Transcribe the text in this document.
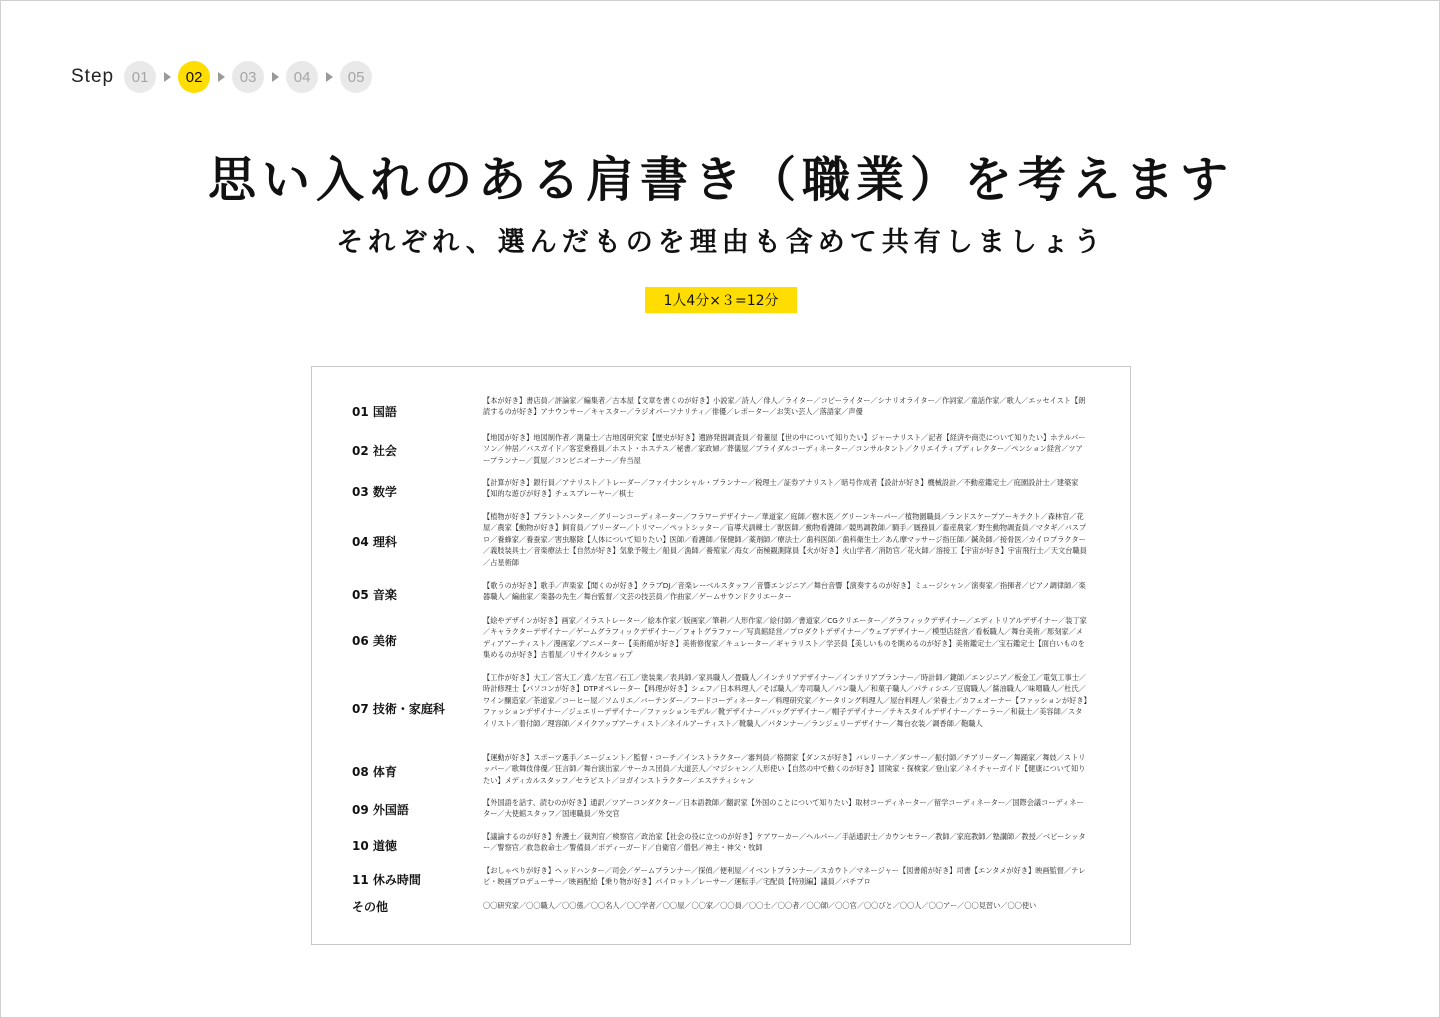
Step	01	02	03	04	05
思い入れのある肩書き（職業）を考えます
それぞれ、選んだものを理由も含めて共有しましょう
1人4分×３=12分
01 国語
【本が好き】書店員／評論家／編集者／古本屋【文章を書くのが好き】小説家／詩人／俳人／ライター／コピーライター／シナリオライター／作詞家／童話作家／歌人／エッセイスト【朗読するのが好き】アナウンサー／キャスター／ラジオパーソナリティ／俳優／レポーター／お笑い芸人／落語家／声優
02 社会
【地図が好き】地図制作者／測量士／古地図研究家【歴史が好き】遺跡発掘調査員／骨董屋【世の中について知りたい】ジャーナリスト／記者【経済や商売について知りたい】ホテルパーソン／仲居／バスガイド／客室乗務員／ホスト・ホステス／秘書／家政婦／葬儀屋／ブライダルコーディネーター／コンサルタント／クリエイティブディレクター／ペンション経営／ツアープランナー／質屋／コンビニオーナー／弁当屋
03 数学
【計算が好き】銀行員／アナリスト／トレーダー／ファイナンシャル・プランナー／税理士／証券アナリスト／暗号作成者【設計が好き】機械設計／不動産鑑定士／庭園設計士／建築家【知的な遊びが好き】チェスプレーヤー／棋士
04 理科
【植物が好き】プラントハンター／グリーンコーディネーター／フラワーデザイナー／華道家／庭師／樹木医／グリーンキーパー／植物園職員／ランドスケープアーキテクト／森林官／花屋／農家【動物が好き】飼育員／ブリーダー／トリマー／ペットシッター／盲導犬訓練士／獣医師／動物看護師／競馬調教師／騎手／厩務員／畜産農家／野生動物調査員／マタギ／バスプロ／養蜂家／養蚕家／害虫駆除【人体について知りたい】医師／看護師／保健師／薬剤師／療法士／歯科医師／歯科衛生士／あん摩マッサージ指圧師／鍼灸師／接骨医／カイロプラクター／義肢装具士／音楽療法士【自然が好き】気象予報士／船員／漁師／養殖家／海女／南極観測隊員【火が好き】火山学者／消防官／花火師／溶接工【宇宙が好き】宇宙飛行士／天文台職員／占星術師
05 音楽
【歌うのが好き】歌手／声楽家【聞くのが好き】クラブDJ／音楽レーベルスタッフ／音響エンジニア／舞台音響【演奏するのが好き】ミュージシャン／演奏家／指揮者／ピアノ調律師／楽器職人／編曲家／楽器の先生／舞台監督／文芸の技芸員／作曲家／ゲームサウンドクリエーター
06 美術
【絵やデザインが好き】画家／イラストレーター／絵本作家／版画家／筆耕／人形作家／絵付師／書道家／CGクリエーター／グラフィックデザイナー／エディトリアルデザイナー／装丁家／キャラクターデザイナー／ゲームグラフィックデザイナー／フォトグラファー／写真館経営／プロダクトデザイナー／ウェブデザイナー／模型店経営／看板職人／舞台美術／彫刻家／メディアアーティスト／漫画家／アニメーター【美術館が好き】美術修復家／キュレーター／ギャラリスト／学芸員【美しいものを眺めるのが好き】美術鑑定士／宝石鑑定士【面白いものを集めるのが好き】古着屋／リサイクルショップ
07 技術・家庭科
【工作が好き】大工／宮大工／鳶／左官／石工／塗装業／表具師／家具職人／畳職人／インテリアデザイナー／インテリアプランナー／時計師／鍵師／エンジニア／板金工／電気工事士／時計修理士【パソコンが好き】DTPオペレーター【料理が好き】シェフ／日本料理人／そば職人／寿司職人／パン職人／和菓子職人／パティシエ／豆腐職人／醤油職人／味噌職人／杜氏／ワイン醸造家／茶道家／コーヒー屋／ソムリエ／バーテンダー／フードコーディネーター／料理研究家／ケータリング料理人／屋台料理人／栄養士／カフェオーナー【ファッションが好き】ファッションデザイナー／ジュエリーデザイナー／ファッションモデル／靴デザイナー／バッグデザイナー／帽子デザイナー／テキスタイルデザイナー／テーラー／和裁士／美容師／スタイリスト／着付師／理容師／メイクアップアーティスト／ネイルアーティスト／靴職人／パタンナー／ランジェリーデザイナー／舞台衣装／調香師／鞄職人
08 体育
【運動が好き】スポーツ選手／エージェント／監督・コーチ／インストラクター／審判員／格闘家【ダンスが好き】バレリーナ／ダンサー／振付師／チアリーダー／舞踊家／舞妓／ストリッパー／歌舞伎俳優／狂言師／舞台演出家／サーカス団員／大道芸人／マジシャン／人形使い【自然の中で動くのが好き】冒険家・探検家／登山家／ネイチャーガイド【健康について知りたい】メディカルスタッフ／セラピスト／ヨガインストラクター／エステティシャン
09 外国語
【外国語を話す、読むのが好き】通訳／ツアーコンダクター／日本語教師／翻訳家【外国のことについて知りたい】取材コーディネーター／留学コーディネーター／国際会議コーディネーター／大使館スタッフ／国連職員／外交官
10 道徳
【議論するのが好き】弁護士／裁判官／検察官／政治家【社会の役に立つのが好き】ケアワーカー／ヘルパー／手話通訳士／カウンセラー／教師／家庭教師／塾講師／教授／ベビーシッター／警察官／救急救命士／警備員／ボディーガード／自衛官／僧侶／神主・神父・牧師
11 休み時間
【おしゃべりが好き】ヘッドハンター／司会／ゲームプランナー／探偵／便利屋／イベントプランナー／スカウト／マネージャー【図書館が好き】司書【エンタメが好き】映画監督／テレビ・映画プロデューサー／映画配給【乗り物が好き】パイロット／レーサー／運転手／宅配員【特別編】議員／パチプロ
その他	〇〇研究家／〇〇職人／〇〇係／〇〇名人／〇〇学者／〇〇屋／〇〇家／〇〇員／〇〇士／〇〇者／〇〇師／〇〇官／〇〇びと／〇〇人／〇〇アー／〇〇見習い／〇〇使い
